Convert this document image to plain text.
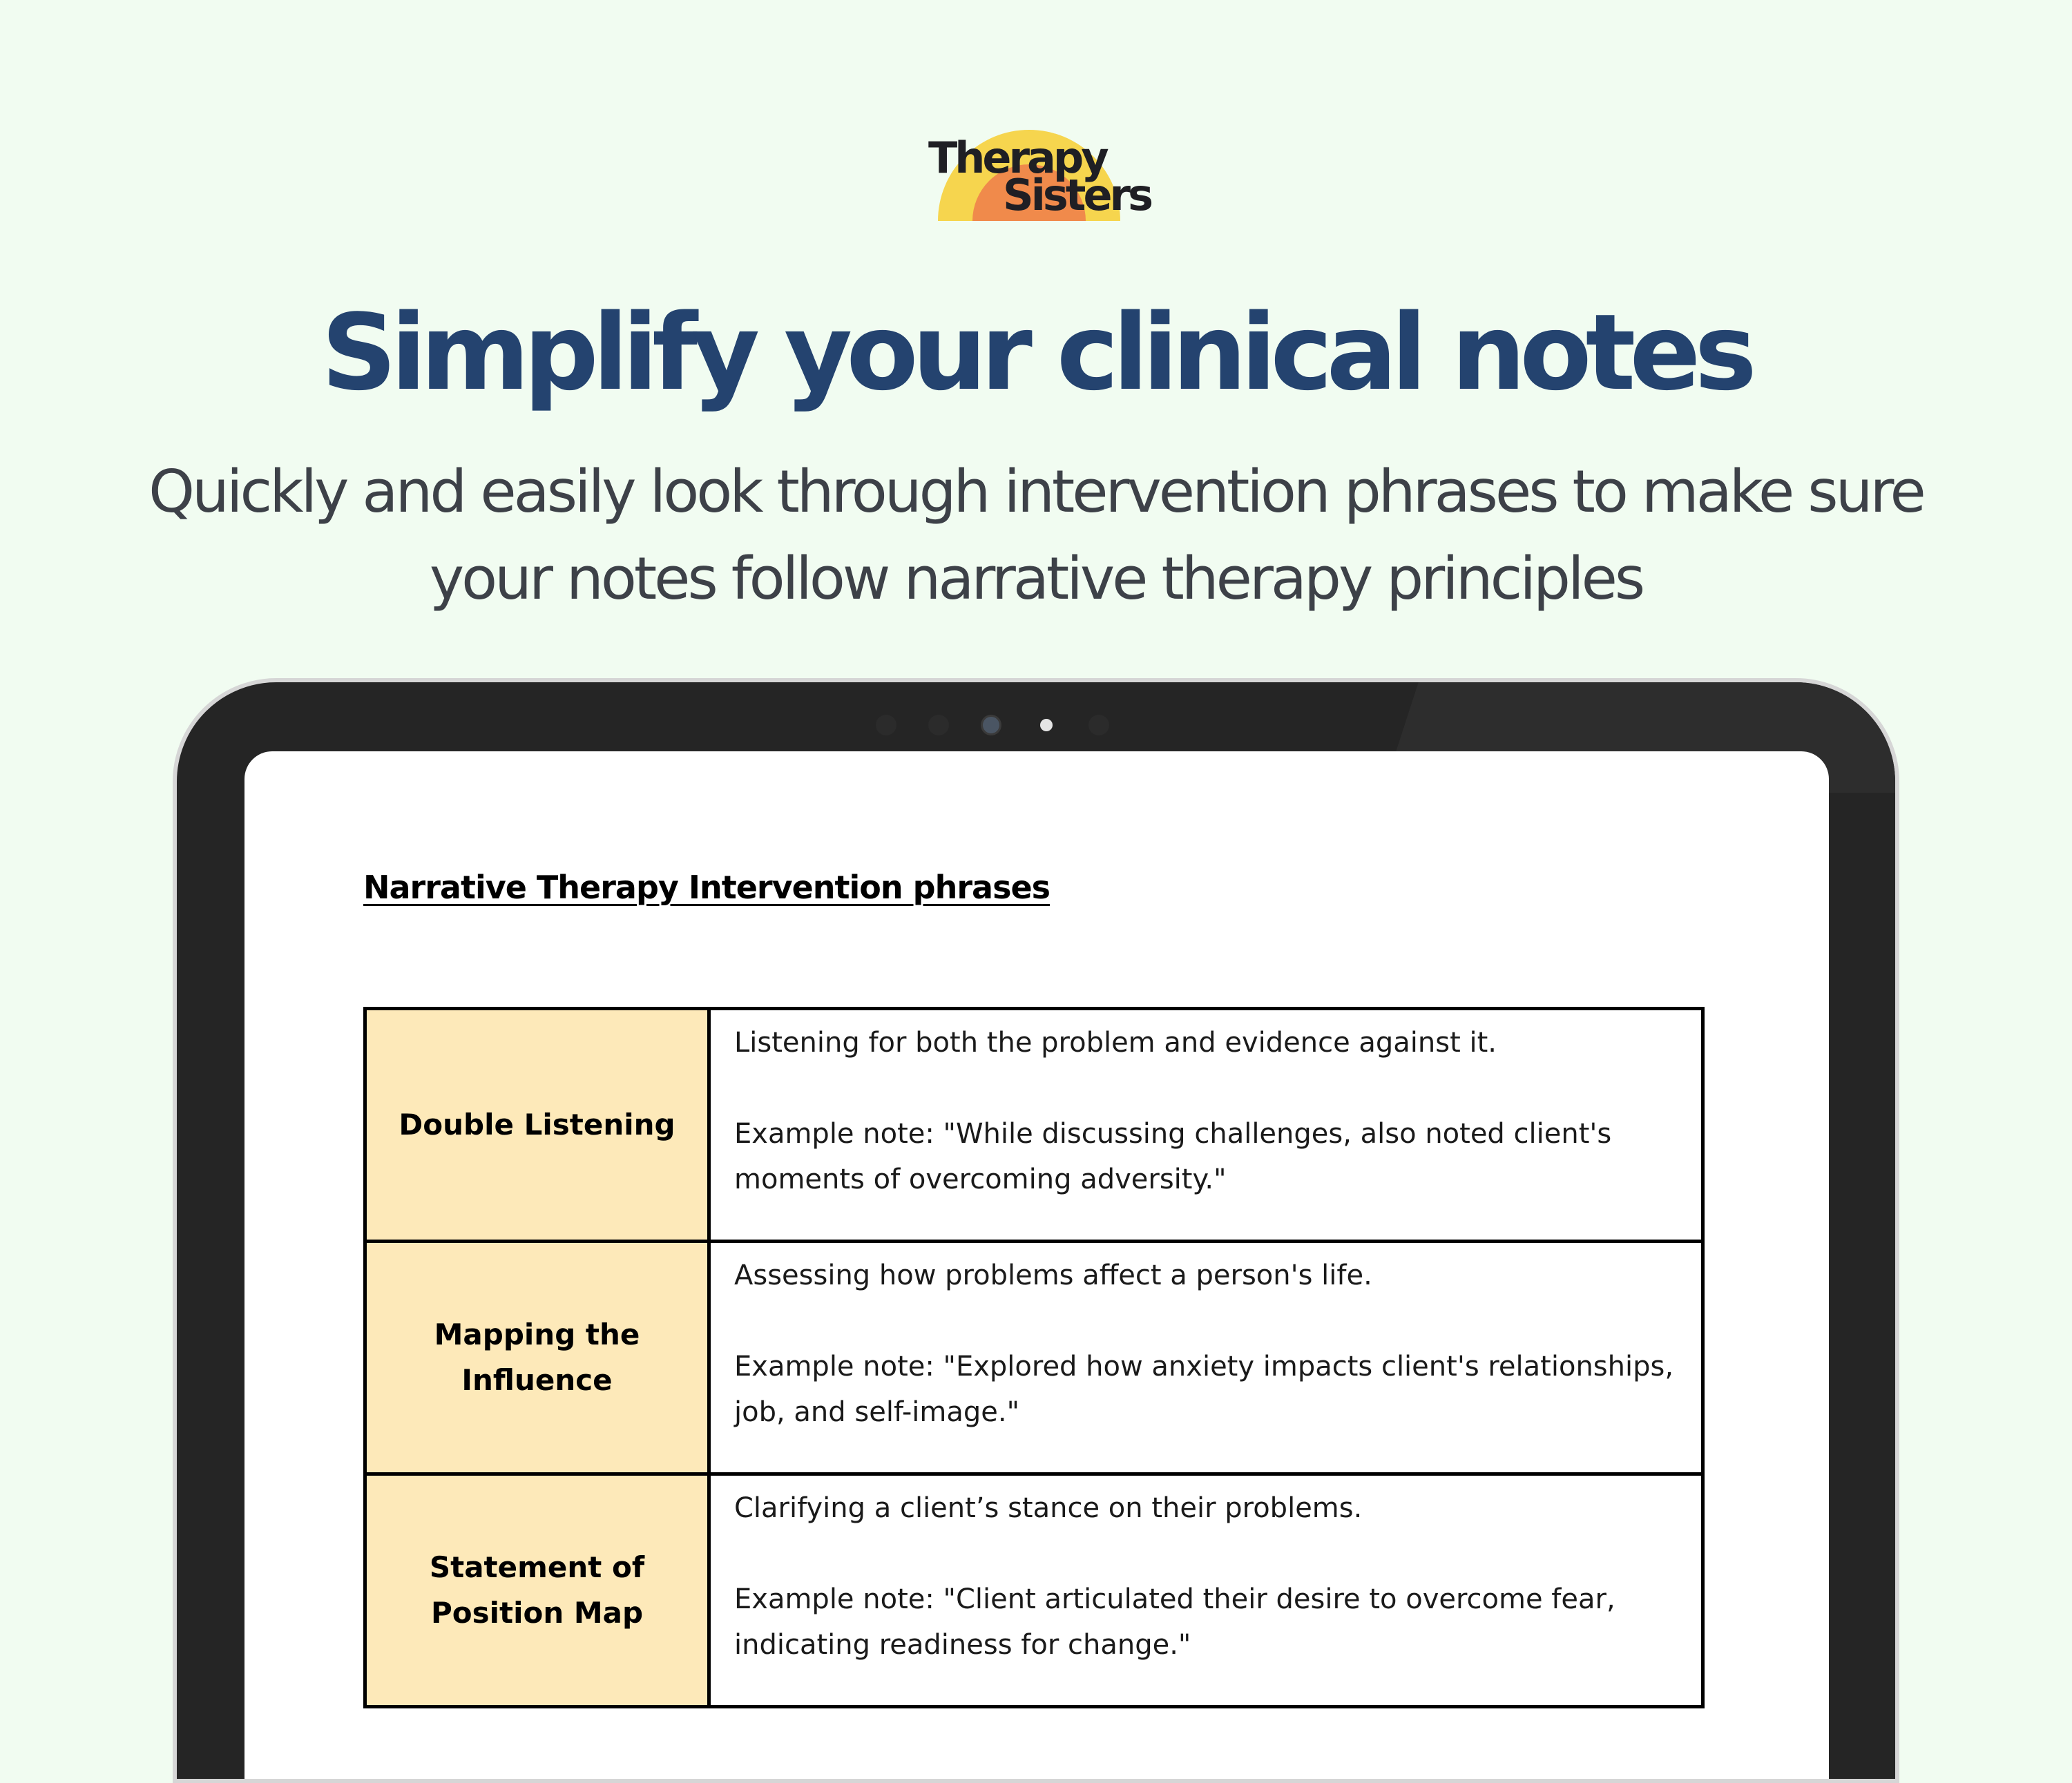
Therapy
Sisters
Simplify your clinical notes

Quickly and easily look through intervention phrases to make sure your notes follow narrative therapy principles

Narrative Therapy Intervention phrases
Double Listening	Listening for both the problem and evidence against it.
Example note: "While discussing challenges, also noted client's moments of overcoming adversity."

Mapping the Influence	Assessing how problems affect a person's life.
Example note: "Explored how anxiety impacts client's relationships, job, and self-image."

Statement of Position Map	Clarifying a client’s stance on their problems.
Example note: "Client articulated their desire to overcome fear, indicating readiness for change."
